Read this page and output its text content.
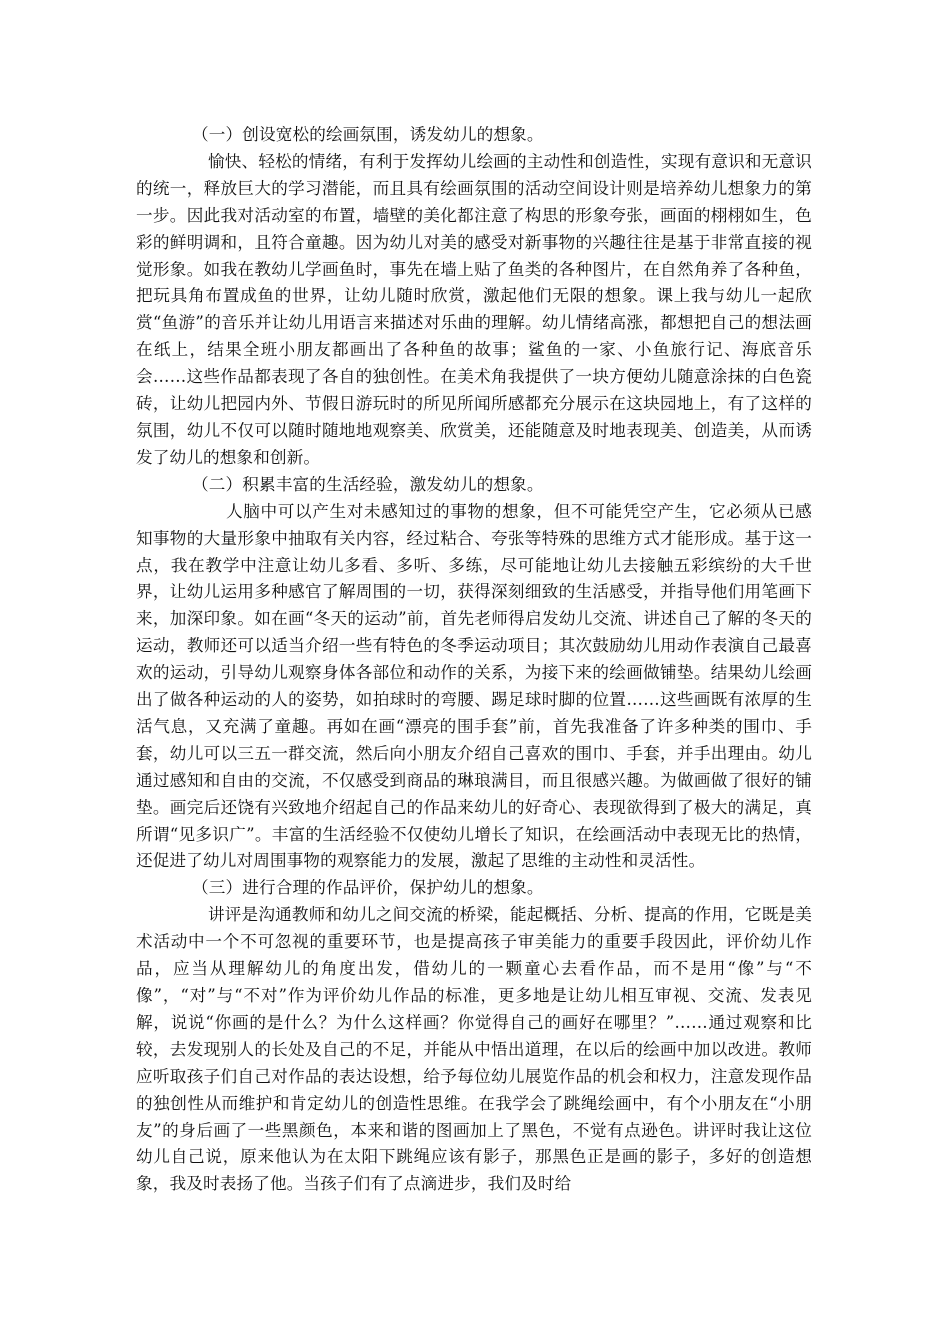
（一）创设宽松的绘画氛围，诱发幼儿的想象。

愉快、轻松的情绪，有利于发挥幼儿绘画的主动性和创造性，实现有意识和无意识的统一，释放巨大的学习潜能，而且具有绘画氛围的活动空间设计则是培养幼儿想象力的第一步。因此我对活动室的布置，墙壁的美化都注意了构思的形象夸张，画面的栩栩如生，色彩的鲜明调和，且符合童趣。因为幼儿对美的感受对新事物的兴趣往往是基于非常直接的视觉形象。如我在教幼儿学画鱼时，事先在墙上贴了鱼类的各种图片，在自然角养了各种鱼，把玩具角布置成鱼的世界，让幼儿随时欣赏，激起他们无限的想象。课上我与幼儿一起欣赏“鱼游”的音乐并让幼儿用语言来描述对乐曲的理解。幼儿情绪高涨，都想把自己的想法画在纸上，结果全班小朋友都画出了各种鱼的故事；鲨鱼的一家、小鱼旅行记、海底音乐会……这些作品都表现了各自的独创性。在美术角我提供了一块方便幼儿随意涂抹的白色瓷砖，让幼儿把园内外、节假日游玩时的所见所闻所感都充分展示在这块园地上，有了这样的氛围，幼儿不仅可以随时随地地观察美、欣赏美，还能随意及时地表现美、创造美，从而诱发了幼儿的想象和创新。

（二）积累丰富的生活经验，激发幼儿的想象。

人脑中可以产生对未感知过的事物的想象，但不可能凭空产生，它必须从已感知事物的大量形象中抽取有关内容，经过粘合、夸张等特殊的思维方式才能形成。基于这一点，我在教学中注意让幼儿多看、多听、多练，尽可能地让幼儿去接触五彩缤纷的大千世界，让幼儿运用多种感官了解周围的一切，获得深刻细致的生活感受，并指导他们用笔画下来，加深印象。如在画“冬天的运动”前，首先老师得启发幼儿交流、讲述自己了解的冬天的运动，教师还可以适当介绍一些有特色的冬季运动项目；其次鼓励幼儿用动作表演自己最喜欢的运动，引导幼儿观察身体各部位和动作的关系，为接下来的绘画做铺垫。结果幼儿绘画出了做各种运动的人的姿势，如拍球时的弯腰、踢足球时脚的位置……这些画既有浓厚的生活气息，又充满了童趣。再如在画“漂亮的围手套”前，首先我准备了许多种类的围巾、手套，幼儿可以三五一群交流，然后向小朋友介绍自己喜欢的围巾、手套，并手出理由。幼儿通过感知和自由的交流，不仅感受到商品的琳琅满目，而且很感兴趣。为做画做了很好的铺垫。画完后还饶有兴致地介绍起自己的作品来幼儿的好奇心、表现欲得到了极大的满足，真所谓“见多识广”。丰富的生活经验不仅使幼儿增长了知识，在绘画活动中表现无比的热情，还促进了幼儿对周围事物的观察能力的发展，激起了思维的主动性和灵活性。

（三）进行合理的作品评价，保护幼儿的想象。

讲评是沟通教师和幼儿之间交流的桥梁，能起概括、分析、提高的作用，它既是美术活动中一个不可忽视的重要环节，也是提高孩子审美能力的重要手段因此，评价幼儿作品，应当从理解幼儿的角度出发，借幼儿的一颗童心去看作品，而不是用“像”与“不像”，“对”与“不对”作为评价幼儿作品的标准，更多地是让幼儿相互审视、交流、发表见解，说说“你画的是什么？为什么这样画？你觉得自己的画好在哪里？”……通过观察和比较，去发现别人的长处及自己的不足，并能从中悟出道理，在以后的绘画中加以改进。教师应听取孩子们自己对作品的表达设想，给予每位幼儿展览作品的机会和权力，注意发现作品的独创性从而维护和肯定幼儿的创造性思维。在我学会了跳绳绘画中，有个小朋友在“小朋友”的身后画了一些黑颜色，本来和谐的图画加上了黑色，不觉有点逊色。讲评时我让这位幼儿自己说，原来他认为在太阳下跳绳应该有影子，那黑色正是画的影子，多好的创造想象，我及时表扬了他。当孩子们有了点滴进步，我们及时给
